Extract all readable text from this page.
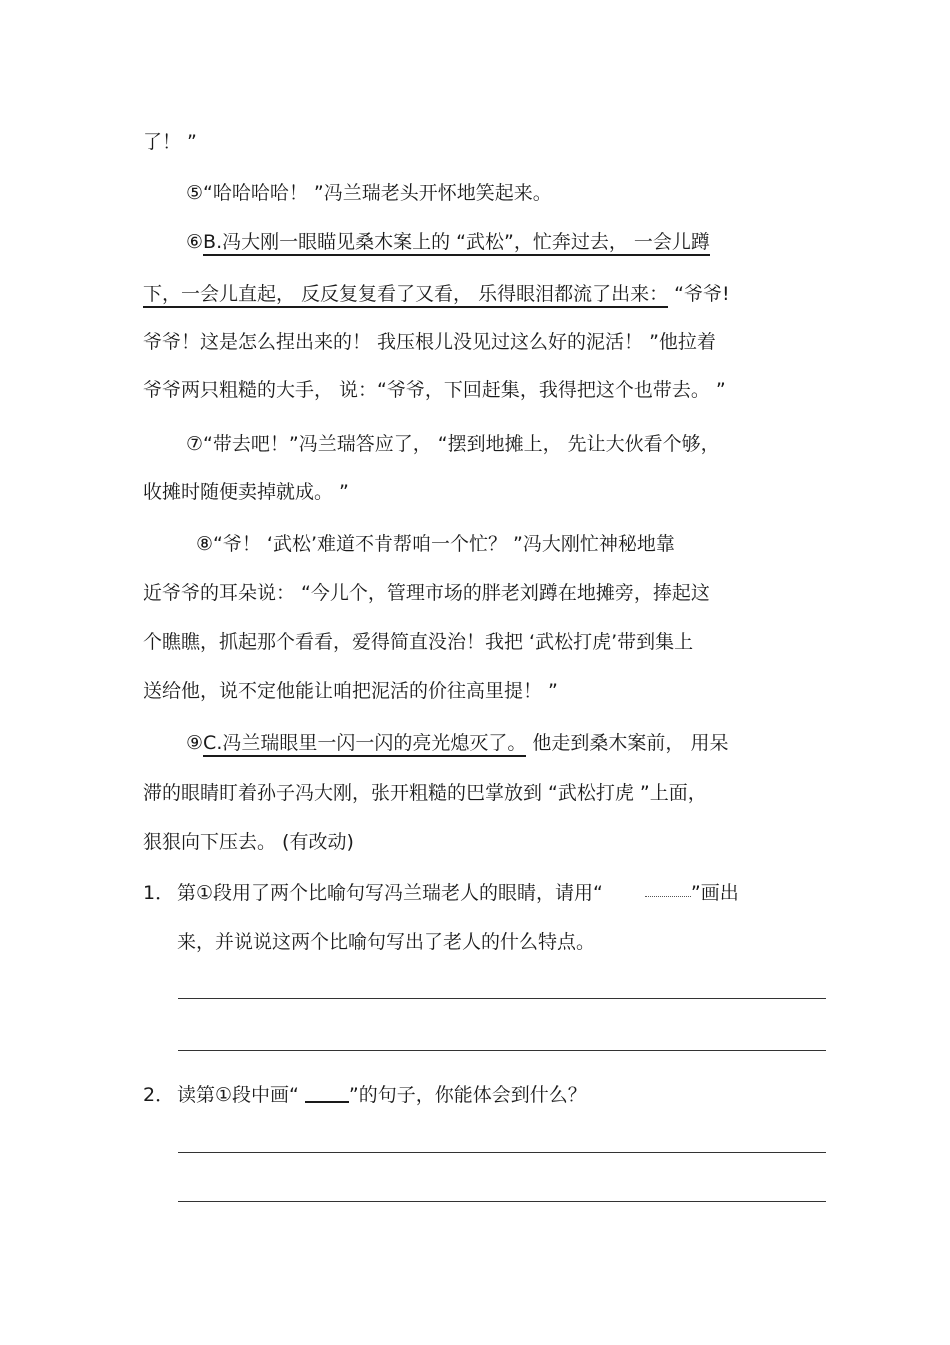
了！ ”
⑤“哈哈哈哈！ ”冯兰瑞老头开怀地笑起来。
⑥B.冯大刚一眼瞄见桑木案上的 “武松”，忙奔过去， 一会儿蹲
下，一会儿直起， 反反复复看了又看， 乐得眼泪都流了出来： “爷爷!
爷爷！这是怎么捏出来的！ 我压根儿没见过这么好的泥活！ ”他拉着
爷爷两只粗糙的大手， 说：“爷爷，下回赶集，我得把这个也带去。 ”
⑦“带去吧！”冯兰瑞答应了， “摆到地摊上， 先让大伙看个够，
收摊时随便卖掉就成。 ”
⑧“爷！ ‘武松’难道不肯帮咱一个忙？ ”冯大刚忙神秘地靠
近爷爷的耳朵说： “今儿个，管理市场的胖老刘蹲在地摊旁，捧起这
个瞧瞧，抓起那个看看，爱得简直没治！我把 ‘武松打虎’带到集上
送给他，说不定他能让咱把泥活的价往高里提！ ”
⑨C.冯兰瑞眼里一闪一闪的亮光熄灭了。 他走到桑木案前， 用呆
滞的眼睛盯着孙子冯大刚，张开粗糙的巴掌放到 “武松打虎 ”上面，
狠狠向下压去。 (有改动)
1． 第①段用了两个比喻句写冯兰瑞老人的眼睛，请用“	”画出
来，并说说这两个比喻句写出了老人的什么特点。
2． 读第①段中画“ ”的句子，你能体会到什么？
